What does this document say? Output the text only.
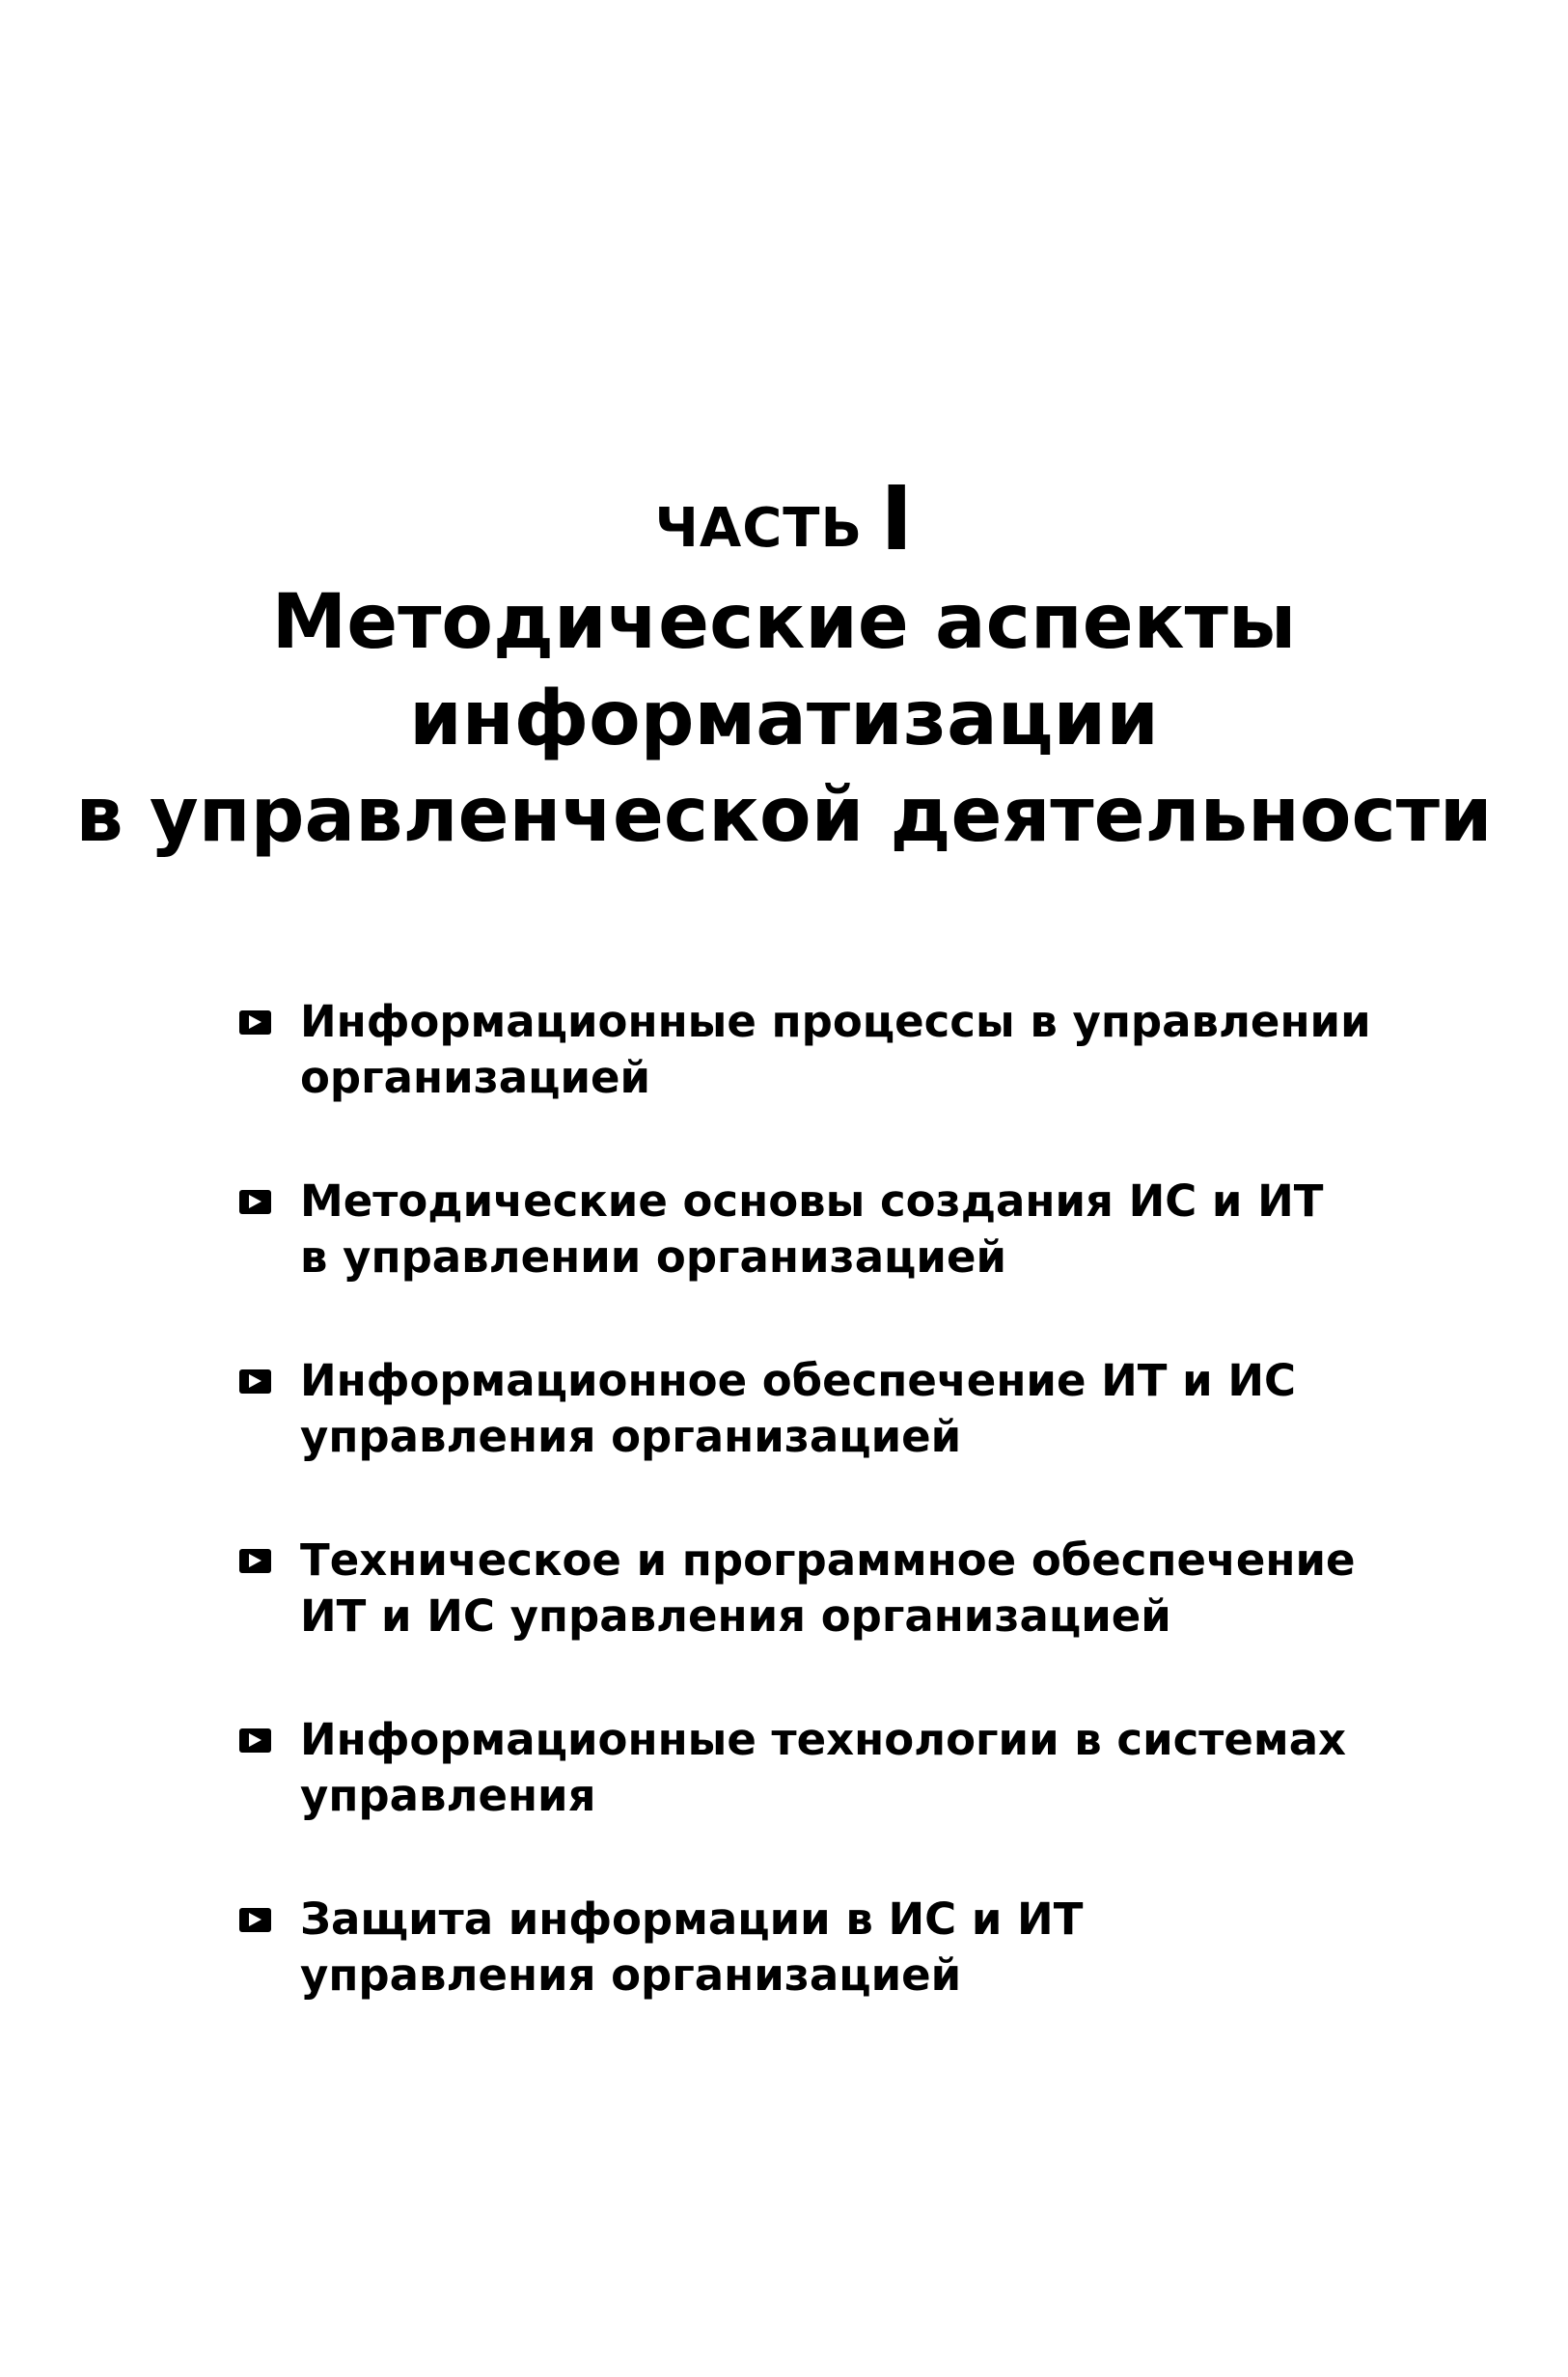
ЧАСТЬ I
Методические аспекты
информатизации
в управленческой деятельности
Информационные процессы в управлении
организацией
Методические основы создания ИС и ИТ
в управлении организацией
Информационное обеспечение ИТ и ИС
управления организацией
Техническое и программное обеспечение
ИТ и ИС управления организацией
Информационные технологии в системах
управления
Защита информации в ИС и ИТ
управления организацией
